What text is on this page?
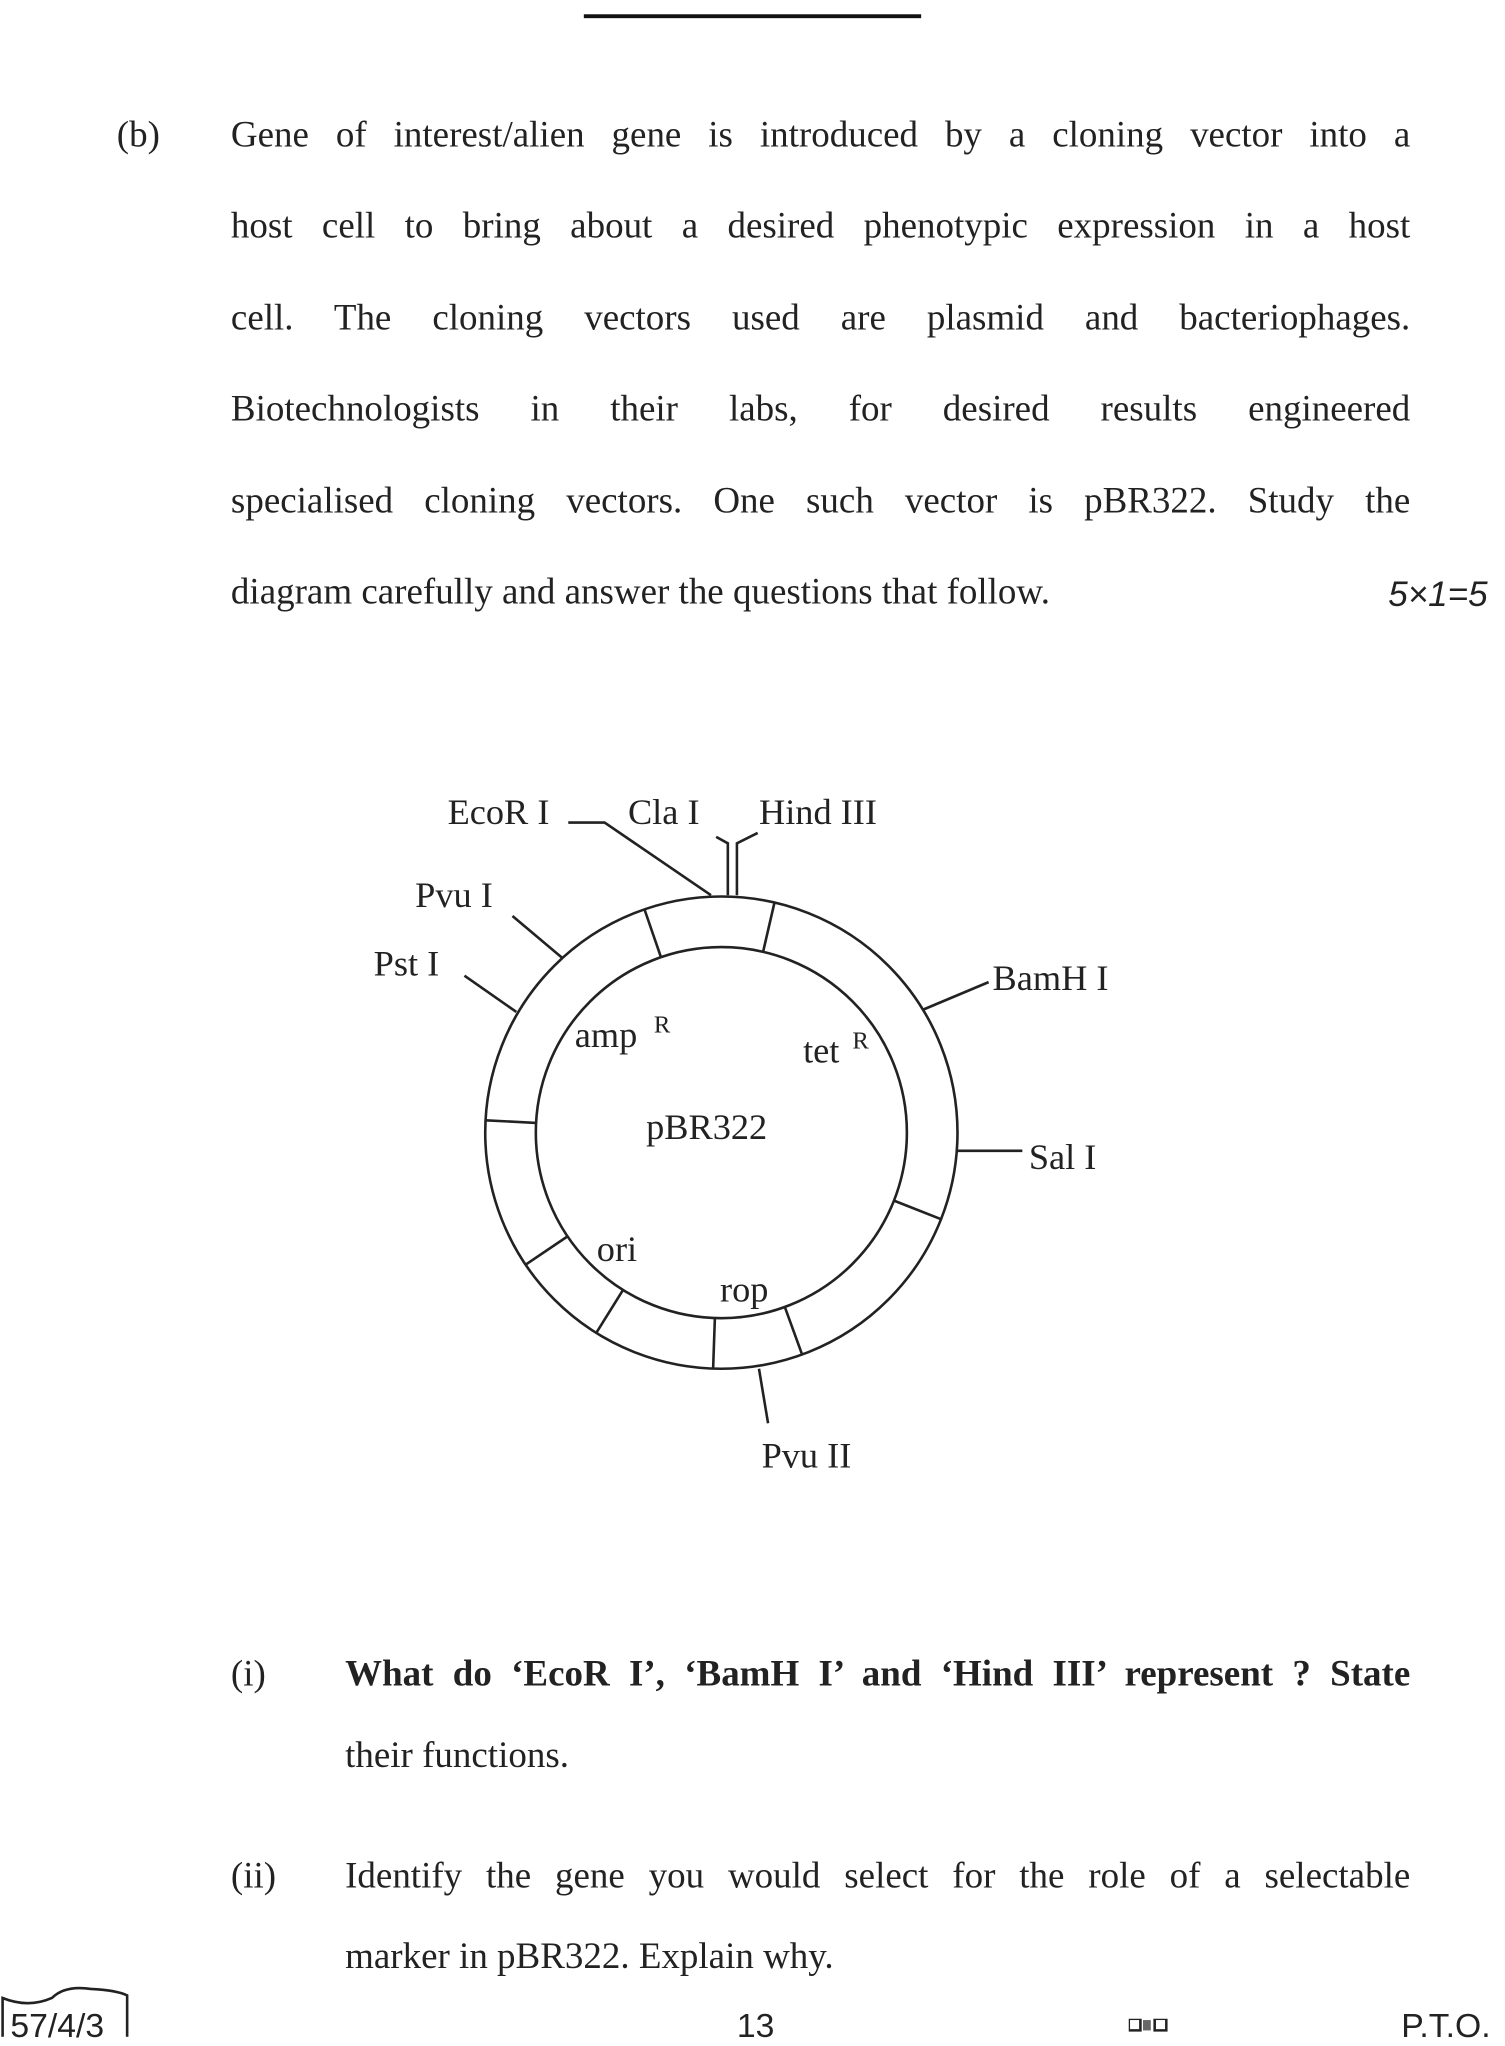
(b) Gene of interest/alien gene is introduced by a cloning vector into a
host cell to bring about a desired phenotypic expression in a host
cell. The cloning vectors used are plasmid and bacteriophages.
Biotechnologists in their labs, for desired results engineered
specialised cloning vectors. One such vector is pBR322. Study the
diagram carefully and answer the questions that follow.	5×1=5
EcoR I	Cla I Hind III
Pvu I
Pst I	BamH I
Sal I
Pvu II
amp R
tet R
pBR322
ori
rop
(i)	What do ‘EcoR I’, ‘BamH I’ and ‘Hind III’ represent ? State
their functions.
(ii) Identify the gene you would select for the role of a selectable
marker in pBR322. Explain why.
57/4/3	13	P.T.O.
